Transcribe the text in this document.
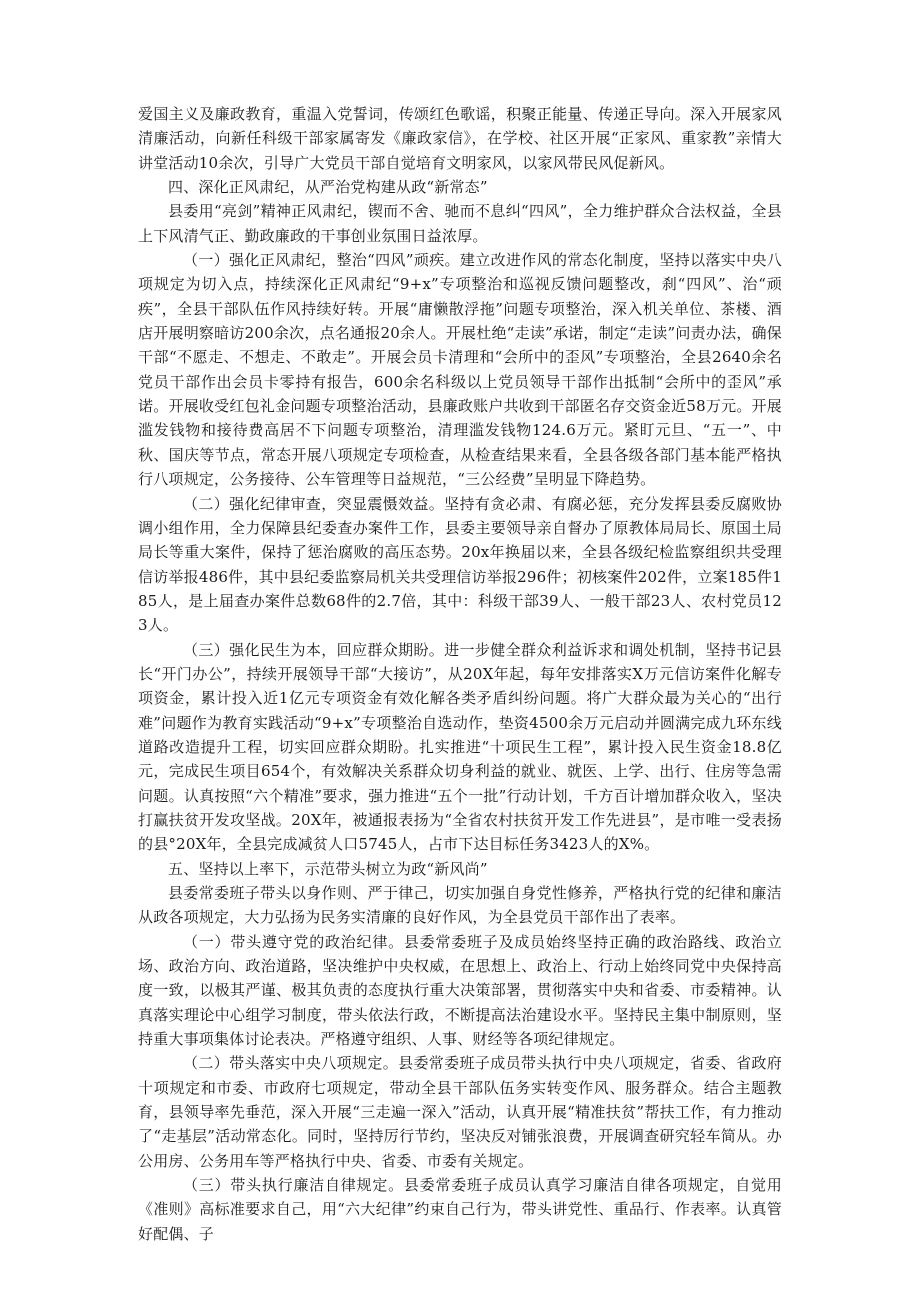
爱国主义及廉政教育，重温入党誓词，传颂红色歌谣，积聚正能量、传递正导向。深入开展家风清廉活动，向新任科级干部家属寄发《廉政家信》，在学校、社区开展“正家风、重家教”亲情大讲堂活动10余次，引导广大党员干部自觉培育文明家风，以家风带民风促新风。

四、深化正风肃纪，从严治党构建从政“新常态”

县委用“亮剑”精神正风肃纪，锲而不舍、驰而不息纠“四风”，全力维护群众合法权益，全县上下风清气正、勤政廉政的干事创业氛围日益浓厚。

（一）强化正风肃纪，整治“四风”顽疾。建立改进作风的常态化制度，坚持以落实中央八项规定为切入点，持续深化正风肃纪“9+x”专项整治和巡视反馈问题整改，刹“四风”、治“顽疾”，全县干部队伍作风持续好转。开展“庸懒散浮拖”问题专项整治，深入机关单位、茶楼、酒店开展明察暗访200余次，点名通报20余人。开展杜绝“走读”承诺，制定“走读”问责办法，确保干部“不愿走、不想走、不敢走”。开展会员卡清理和“会所中的歪风”专项整治，全县2640余名党员干部作出会员卡零持有报告，600余名科级以上党员领导干部作出抵制“会所中的歪风”承诺。开展收受红包礼金问题专项整治活动，县廉政账户共收到干部匿名存交资金近58万元。开展滥发钱物和接待费高居不下问题专项整治，清理滥发钱物124.6万元。紧盯元旦、“五一”、中秋、国庆等节点，常态开展八项规定专项检查，从检查结果来看，全县各级各部门基本能严格执行八项规定，公务接待、公车管理等日益规范，“三公经费”呈明显下降趋势。

（二）强化纪律审查，突显震慑效益。坚持有贪必肃、有腐必惩，充分发挥县委反腐败协调小组作用，全力保障县纪委查办案件工作，县委主要领导亲自督办了原教体局局长、原国土局局长等重大案件，保持了惩治腐败的高压态势。20x年换届以来，全县各级纪检监察组织共受理信访举报486件，其中县纪委监察局机关共受理信访举报296件；初核案件202件，立案185件185人，是上届查办案件总数68件的2.7倍，其中：科级干部39人、一般干部23人、农村党员123人。

（三）强化民生为本，回应群众期盼。进一步健全群众利益诉求和调处机制，坚持书记县长“开门办公”，持续开展领导干部“大接访”，从20X年起，每年安排落实X万元信访案件化解专项资金，累计投入近1亿元专项资金有效化解各类矛盾纠纷问题。将广大群众最为关心的“出行难”问题作为教育实践活动“9+x”专项整治自选动作，垫资4500余万元启动并圆满完成九环东线道路改造提升工程，切实回应群众期盼。扎实推进“十项民生工程”，累计投入民生资金18.8亿元，完成民生项目654个，有效解决关系群众切身利益的就业、就医、上学、出行、住房等急需问题。认真按照“六个精准”要求，强力推进“五个一批”行动计划，千方百计增加群众收入，坚决打赢扶贫开发攻坚战。20X年，被通报表扬为“全省农村扶贫开发工作先进县”，是市唯一受表扬的县°20X年，全县完成减贫人口5745人，占市下达目标任务3423人的X%。

五、坚持以上率下，示范带头树立为政“新风尚”

县委常委班子带头以身作则、严于律己，切实加强自身党性修养，严格执行党的纪律和廉洁从政各项规定，大力弘扬为民务实清廉的良好作风，为全县党员干部作出了表率。

（一）带头遵守党的政治纪律。县委常委班子及成员始终坚持正确的政治路线、政治立场、政治方向、政治道路，坚决维护中央权威，在思想上、政治上、行动上始终同党中央保持高度一致，以极其严谨、极其负责的态度执行重大决策部署，贯彻落实中央和省委、市委精神。认真落实理论中心组学习制度，带头依法行政，不断提高法治建设水平。坚持民主集中制原则，坚持重大事项集体讨论表决。严格遵守组织、人事、财经等各项纪律规定。

（二）带头落实中央八项规定。县委常委班子成员带头执行中央八项规定，省委、省政府十项规定和市委、市政府七项规定，带动全县干部队伍务实转变作风、服务群众。结合主题教育，县领导率先垂范，深入开展“三走遍一深入”活动，认真开展“精准扶贫”帮扶工作，有力推动了“走基层”活动常态化。同时，坚持厉行节约，坚决反对铺张浪费，开展调查研究轻车简从。办公用房、公务用车等严格执行中央、省委、市委有关规定。

（三）带头执行廉洁自律规定。县委常委班子成员认真学习廉洁自律各项规定，自觉用《准则》高标准要求自己，用“六大纪律”约束自己行为，带头讲党性、重品行、作表率。认真管好配偶、子
